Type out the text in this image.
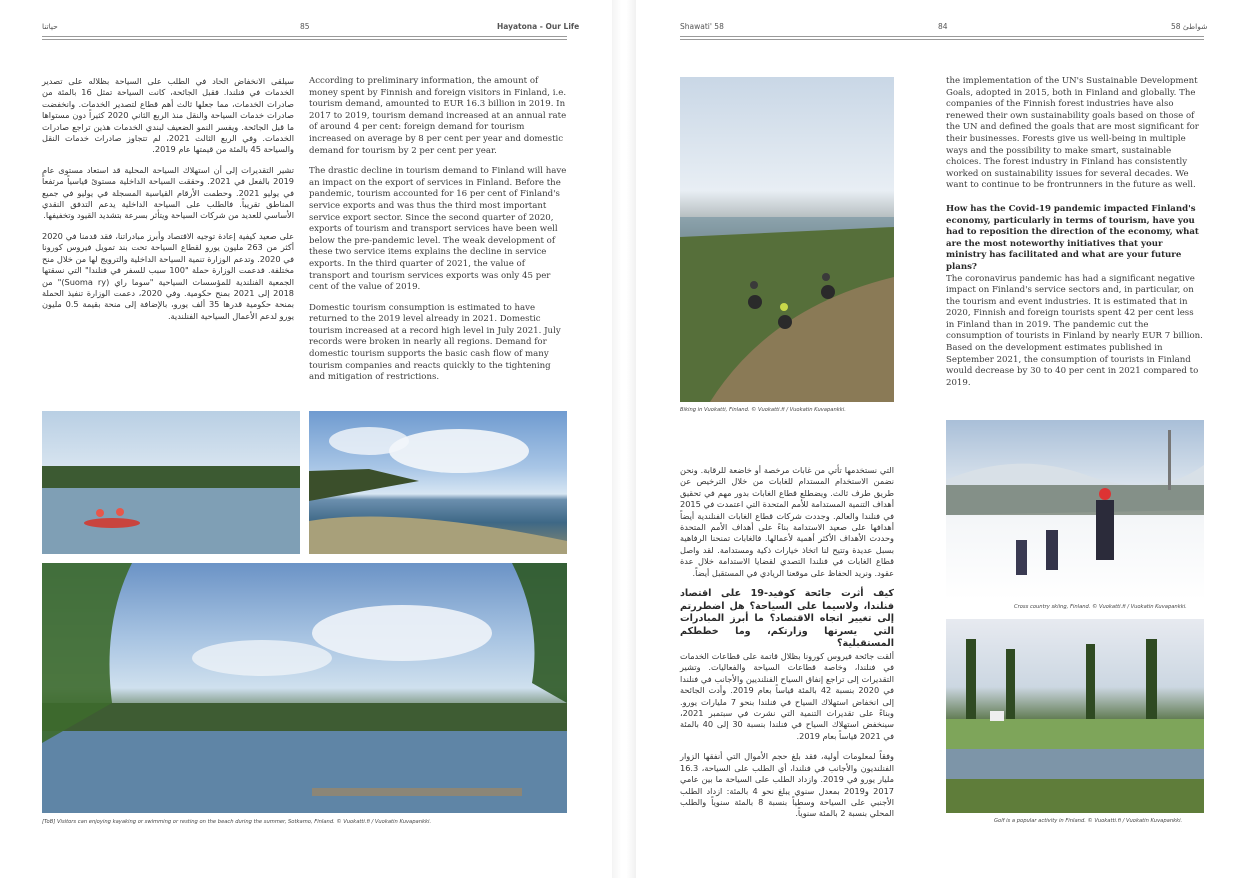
حياتنا	85	Hayatona - Our Life

سيلقى الانخفاض الحاد في الطلب على السياحة بظلاله على تصدير الخدمات في فنلندا. فقبل الجائحة، كانت السياحة تمثل 16 بالمئة من صادرات الخدمات، مما جعلها ثالث أهم قطاع لتصدير الخدمات. وانخفضت صادرات خدمات السياحة والنقل منذ الربع الثاني 2020 كثيراً دون مستواها ما قبل الجائحة. ويفسر النمو الضعيف لبندي الخدمات هذين تراجع صادرات الخدمات. وفي الربع الثالث 2021، لم تتجاوز صادرات خدمات النقل والسياحة 45 بالمئة من قيمتها عام 2019.

تشير التقديرات إلى أن استهلاك السياحة المحلية قد استعاد مستوى عام 2019 بالفعل في 2021. وحققت السياحة الداخلية مستوىً قياسياً مرتفعاً في يوليو 2021. وحطمت الأرقام القياسية المسجلة في يوليو في جميع المناطق تقريباً. فالطلب على السياحة الداخلية يدعم التدفق النقدي الأساسي للعديد من شركات السياحة ويتأثر بسرعة بتشديد القيود وتخفيفها.

على صعيد كيفية إعادة توجيه الاقتصاد وأبرز مبادراتنا، فقد قدمنا في 2020 أكثر من 263 مليون يورو لقطاع السياحة تحت بند تمويل فيروس كورونا في 2020. وتدعم الوزارة تنمية السياحة الداخلية والترويج لها من خلال منح مختلفة. فدعمت الوزارة حملة "100 سبب للسفر في فنلندا" التي نسقتها الجمعية الفنلندية للمؤسسات السياحية "سوما راي (Suoma ry)" من 2018 إلى 2021 بمنح حكومية. وفي 2020، دعمت الوزارة تنفيذ الحملة بمنحة حكومية قدرها 35 ألف يورو، بالإضافة إلى منحة بقيمة 0.5 مليون يورو لدعم الأعمال السياحية الفنلندية.

According to preliminary information, the amount of money spent by Finnish and foreign visitors in Finland, i.e. tourism demand, amounted to EUR 16.3 billion in 2019. In 2017 to 2019, tourism demand increased at an annual rate of around 4 per cent: foreign demand for tourism increased on average by 8 per cent per year and domestic demand for tourism by 2 per cent per year.

The drastic decline in tourism demand to Finland will have an impact on the export of services in Finland. Before the pandemic, tourism accounted for 16 per cent of Finland's service exports and was thus the third most important service export sector. Since the second quarter of 2020, exports of tourism and transport services have been well below the pre-pandemic level. The weak development of these two service items explains the decline in service exports. In the third quarter of 2021, the value of transport and tourism services exports was only 45 per cent of the value of 2019.

Domestic tourism consumption is estimated to have returned to the 2019 level already in 2021. Domestic tourism increased at a record high level in July 2021. July records were broken in nearly all regions. Demand for domestic tourism supports the basic cash flow of many tourism companies and reacts quickly to the tightening and mitigation of restrictions.

[ToB] Visitors can enjoying kayaking or swimming or resting on the beach during the summer, Sotkamo, Finland. © Vuokatti.fi / Vuokatin Kuvapankki.
Shawati' 58	84	شواطئ 58
Biking in Vuokatti, Finland. © Vuokatti.fi / Vuokatin Kuvapankki.

the implementation of the UN's Sustainable Development Goals, adopted in 2015, both in Finland and globally. The companies of the Finnish forest industries have also renewed their own sustainability goals based on those of the UN and defined the goals that are most significant for their businesses. Forests give us well-being in multiple ways and the possibility to make smart, sustainable choices. The forest industry in Finland has consistently worked on sustainability issues for several decades. We want to continue to be frontrunners in the future as well.

How has the Covid-19 pandemic impacted Finland's economy, particularly in terms of tourism, have you had to reposition the direction of the economy, what are the most noteworthy initiatives that your ministry has facilitated and what are your future plans?

The coronavirus pandemic has had a significant negative impact on Finland's service sectors and, in particular, on the tourism and event industries. It is estimated that in 2020, Finnish and foreign tourists spent 42 per cent less in Finland than in 2019. The pandemic cut the consumption of tourists in Finland by nearly EUR 7 billion. Based on the development estimates published in September 2021, the consumption of tourists in Finland would decrease by 30 to 40 per cent in 2021 compared to 2019.

التي نستخدمها تأتي من غابات مرخصة أو خاضعة للرقابة. ونحن نضمن الاستخدام المستدام للغابات من خلال الترخيص عن طريق طرف ثالث. ويضطلع قطاع الغابات بدور مهم في تحقيق أهداف التنمية المستدامة للأمم المتحدة التي اعتمدت في 2015 في فنلندا والعالم. وجددت شركات قطاع الغابات الفنلندية أيضاً أهدافها على صعيد الاستدامة بناءً على أهداف الأمم المتحدة وحددت الأهداف الأكثر أهمية لأعمالها. فالغابات تمنحنا الرفاهية بسبل عديدة وتتيح لنا اتخاذ خيارات ذكية ومستدامة. لقد واصل قطاع الغابات في فنلندا التصدي لقضايا الاستدامة خلال عدة عقود. ونريد الحفاظ على موقعنا الريادي في المستقبل أيضاً.

كيف أثرت جائحة كوفيد-19 على اقتصاد فنلندا، ولاسيما على السياحة؟ هل اضطررتم إلى تغيير اتجاه الاقتصاد؟ ما أبرز المبادرات التي يسرتها وزارتكم، وما خططكم المستقبلية؟

ألقت جائحة فيروس كورونا بظلال قاتمة على قطاعات الخدمات في فنلندا، وخاصة قطاعات السياحة والفعاليات. وتشير التقديرات إلى تراجع إنفاق السياح الفنلنديين والأجانب في فنلندا في 2020 بنسبة 42 بالمئة قياساً بعام 2019. وأدت الجائحة إلى انخفاض استهلاك السياح في فنلندا بنحو 7 مليارات يورو. وبناءً على تقديرات التنمية التي نشرت في سبتمبر 2021، سينخفض استهلاك السياح في فنلندا بنسبة 30 إلى 40 بالمئة في 2021 قياساً بعام 2019.

وفقاً لمعلومات أولية، فقد بلغ حجم الأموال التي أنفقها الزوار الفنلنديون والأجانب في فنلندا، أي الطلب على السياحة، 16.3 مليار يورو في 2019. وازداد الطلب على السياحة ما بين عامي 2017 و2019 بمعدل سنوي يبلغ نحو 4 بالمئة: ازداد الطلب الأجنبي على السياحة وسطياً بنسبة 8 بالمئة سنوياً والطلب المحلي بنسبة 2 بالمئة سنوياً.

Cross country skiing, Finland. © Vuokatti.fi / Vuokatin Kuvapankki.
Golf is a popular activity in Finland. © Vuokatti.fi / Vuokatin Kuvapankki.
